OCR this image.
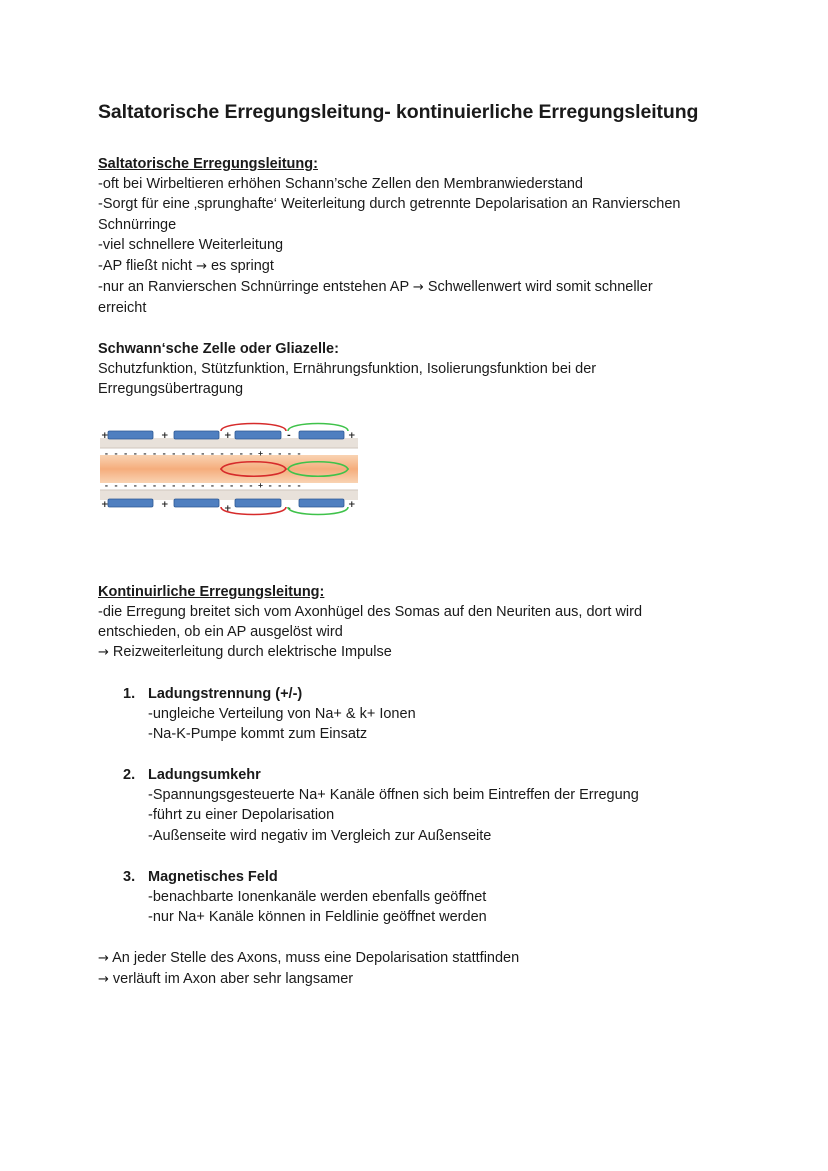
Saltatorische Erregungsleitung- kontinuierliche Erregungsleitung

Saltatorische Erregungsleitung:

-oft bei Wirbeltieren erhöhen Schann’sche Zellen den Membranwiederstand

-Sorgt für eine ‚sprunghafte‘ Weiterleitung durch getrennte Depolarisation an Ranvierschen

Schnürringe

-viel schnellere Weiterleitung

-AP fließt nicht → es springt

-nur an Ranvierschen Schnürringe entstehen AP → Schwellenwert wird somit schneller

erreicht

Schwann‘sche Zelle oder Gliazelle:

Schutzfunktion, Stützfunktion, Ernährungsfunktion, Isolierungsfunktion bei der

Erregungsübertragung

+	+	+	-	+
+	+	+	-	+
- - - - - - - - - - - - - - - - + - - - -
- - - - - - - - - - - - - - - - + - - - -

Kontinuirliche Erregungsleitung:

-die Erregung breitet sich vom Axonhügel des Somas auf den Neuriten aus, dort wird

entschieden, ob ein AP ausgelöst wird

→ Reizweiterleitung durch elektrische Impulse

1. Ladungstrennung (+/-)

-ungleiche Verteilung von Na+ & k+ Ionen

-Na-K-Pumpe kommt zum Einsatz

2. Ladungsumkehr

-Spannungsgesteuerte Na+ Kanäle öffnen sich beim Eintreffen der Erregung

-führt zu einer Depolarisation

-Außenseite wird negativ im Vergleich zur Außenseite

3. Magnetisches Feld

-benachbarte Ionenkanäle werden ebenfalls geöffnet

-nur Na+ Kanäle können in Feldlinie geöffnet werden

→ An jeder Stelle des Axons, muss eine Depolarisation stattfinden

→ verläuft im Axon aber sehr langsamer
